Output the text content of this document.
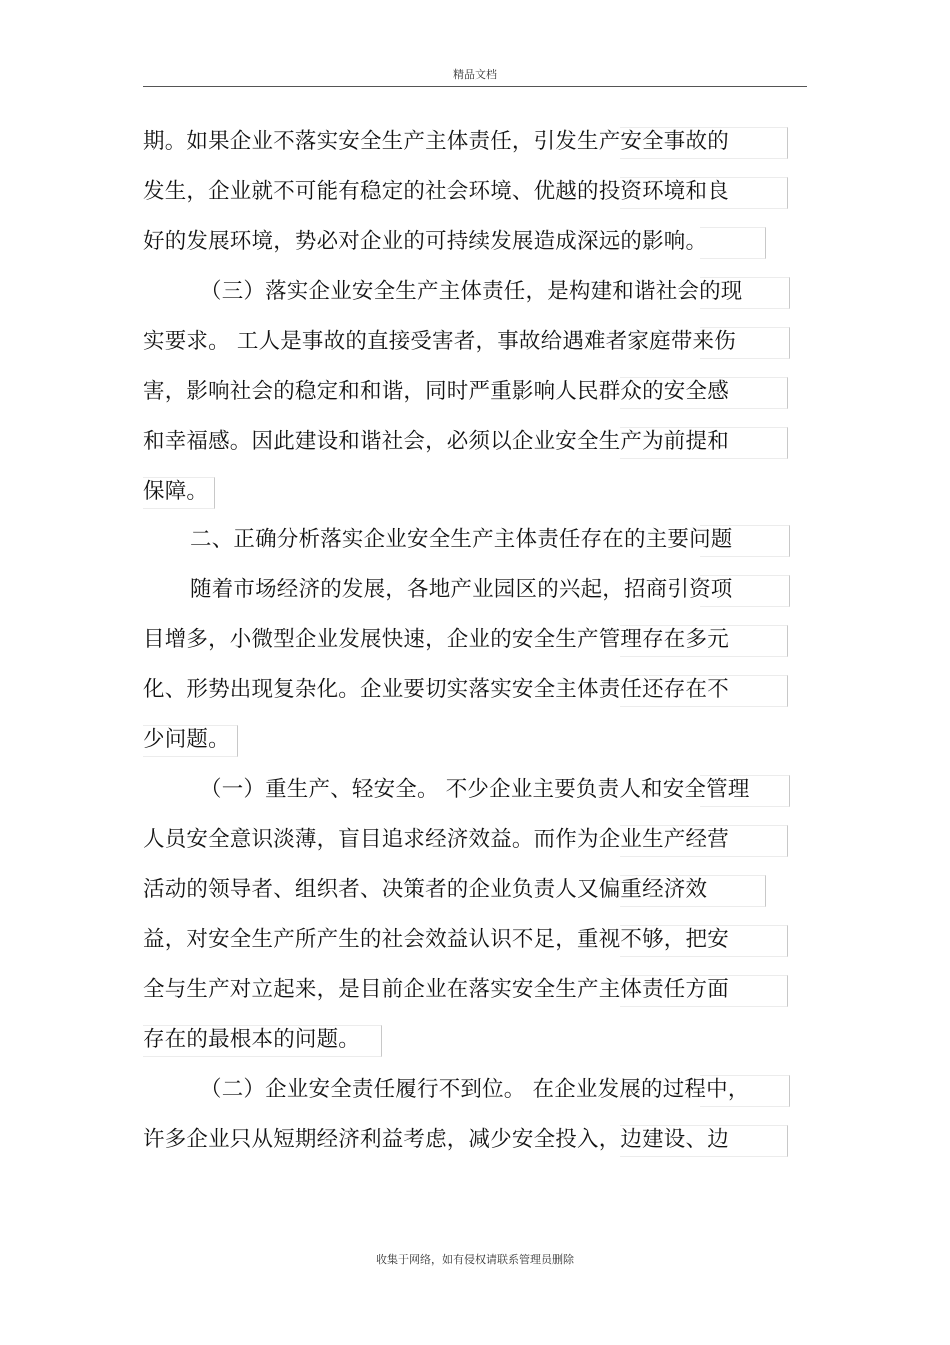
精品文档
期。如果企业不落实安全生产主体责任，引发生产安全事故的
发生，企业就不可能有稳定的社会环境、优越的投资环境和良
好的发展环境，势必对企业的可持续发展造成深远的影响。
（三）落实企业安全生产主体责任，是构建和谐社会的现
实要求。 工人是事故的直接受害者，事故给遇难者家庭带来伤
害，影响社会的稳定和和谐，同时严重影响人民群众的安全感
和幸福感。因此建设和谐社会，必须以企业安全生产为前提和
保障。
二、正确分析落实企业安全生产主体责任存在的主要问题
随着市场经济的发展，各地产业园区的兴起，招商引资项
目增多，小微型企业发展快速，企业的安全生产管理存在多元
化、形势出现复杂化。企业要切实落实安全主体责任还存在不
少问题。
（一）重生产、轻安全。 不少企业主要负责人和安全管理
人员安全意识淡薄，盲目追求经济效益。而作为企业生产经营
活动的领导者、组织者、决策者的企业负责人又偏重经济效
益，对安全生产所产生的社会效益认识不足，重视不够，把安
全与生产对立起来，是目前企业在落实安全生产主体责任方面
存在的最根本的问题。
（二）企业安全责任履行不到位。 在企业发展的过程中，
许多企业只从短期经济利益考虑，减少安全投入，边建设、边
收集于网络，如有侵权请联系管理员删除
